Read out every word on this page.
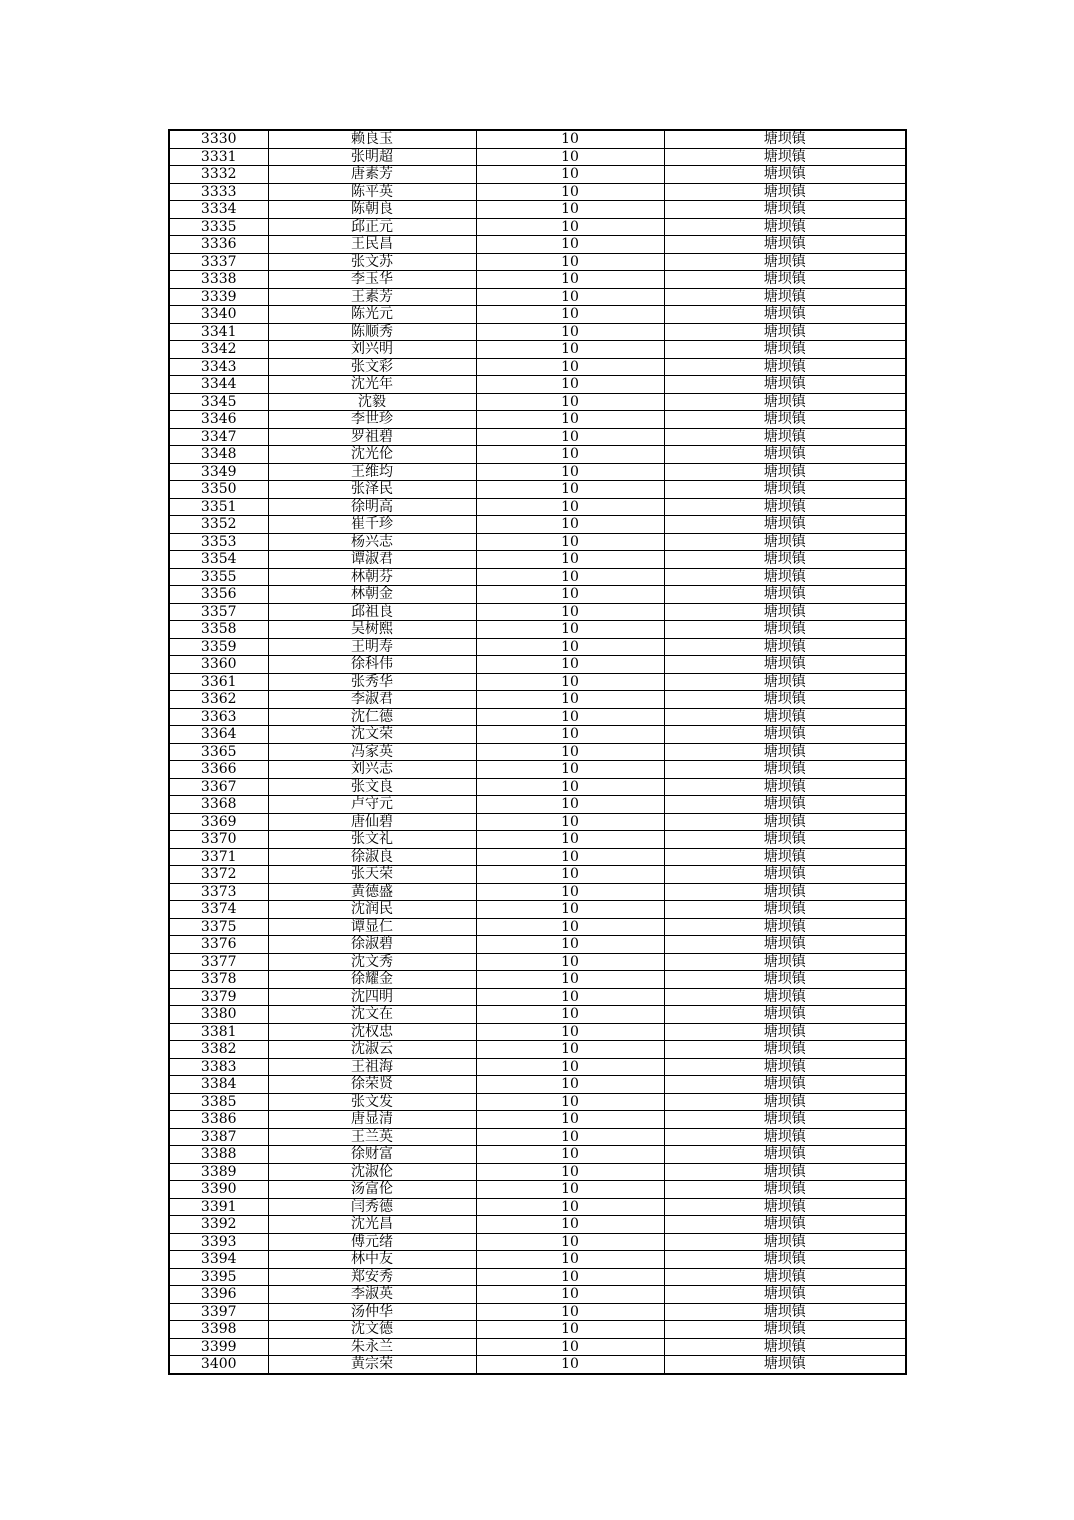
3330	赖良玉	10	塘坝镇
3331	张明超	10	塘坝镇
3332	唐素芳	10	塘坝镇
3333	陈平英	10	塘坝镇
3334	陈朝良	10	塘坝镇
3335	邱正元	10	塘坝镇
3336	王民昌	10	塘坝镇
3337	张文苏	10	塘坝镇
3338	李玉华	10	塘坝镇
3339	王素芳	10	塘坝镇
3340	陈光元	10	塘坝镇
3341	陈顺秀	10	塘坝镇
3342	刘兴明	10	塘坝镇
3343	张文彩	10	塘坝镇
3344	沈光年	10	塘坝镇
3345	沈毅	10	塘坝镇
3346	李世珍	10	塘坝镇
3347	罗祖碧	10	塘坝镇
3348	沈光伦	10	塘坝镇
3349	王维均	10	塘坝镇
3350	张泽民	10	塘坝镇
3351	徐明高	10	塘坝镇
3352	崔千珍	10	塘坝镇
3353	杨兴志	10	塘坝镇
3354	谭淑君	10	塘坝镇
3355	林朝芬	10	塘坝镇
3356	林朝金	10	塘坝镇
3357	邱祖良	10	塘坝镇
3358	吴树熙	10	塘坝镇
3359	王明寿	10	塘坝镇
3360	徐科伟	10	塘坝镇
3361	张秀华	10	塘坝镇
3362	李淑君	10	塘坝镇
3363	沈仁德	10	塘坝镇
3364	沈文荣	10	塘坝镇
3365	冯家英	10	塘坝镇
3366	刘兴志	10	塘坝镇
3367	张文良	10	塘坝镇
3368	卢守元	10	塘坝镇
3369	唐仙碧	10	塘坝镇
3370	张文礼	10	塘坝镇
3371	徐淑良	10	塘坝镇
3372	张天荣	10	塘坝镇
3373	黄德盛	10	塘坝镇
3374	沈润民	10	塘坝镇
3375	谭显仁	10	塘坝镇
3376	徐淑碧	10	塘坝镇
3377	沈文秀	10	塘坝镇
3378	徐耀金	10	塘坝镇
3379	沈四明	10	塘坝镇
3380	沈文在	10	塘坝镇
3381	沈权忠	10	塘坝镇
3382	沈淑云	10	塘坝镇
3383	王祖海	10	塘坝镇
3384	徐荣贤	10	塘坝镇
3385	张文发	10	塘坝镇
3386	唐显清	10	塘坝镇
3387	王兰英	10	塘坝镇
3388	徐财富	10	塘坝镇
3389	沈淑伦	10	塘坝镇
3390	汤富伦	10	塘坝镇
3391	闫秀德	10	塘坝镇
3392	沈光昌	10	塘坝镇
3393	傅元绪	10	塘坝镇
3394	林中友	10	塘坝镇
3395	郑安秀	10	塘坝镇
3396	李淑英	10	塘坝镇
3397	汤仲华	10	塘坝镇
3398	沈文德	10	塘坝镇
3399	朱永兰	10	塘坝镇
3400	黄宗荣	10	塘坝镇
